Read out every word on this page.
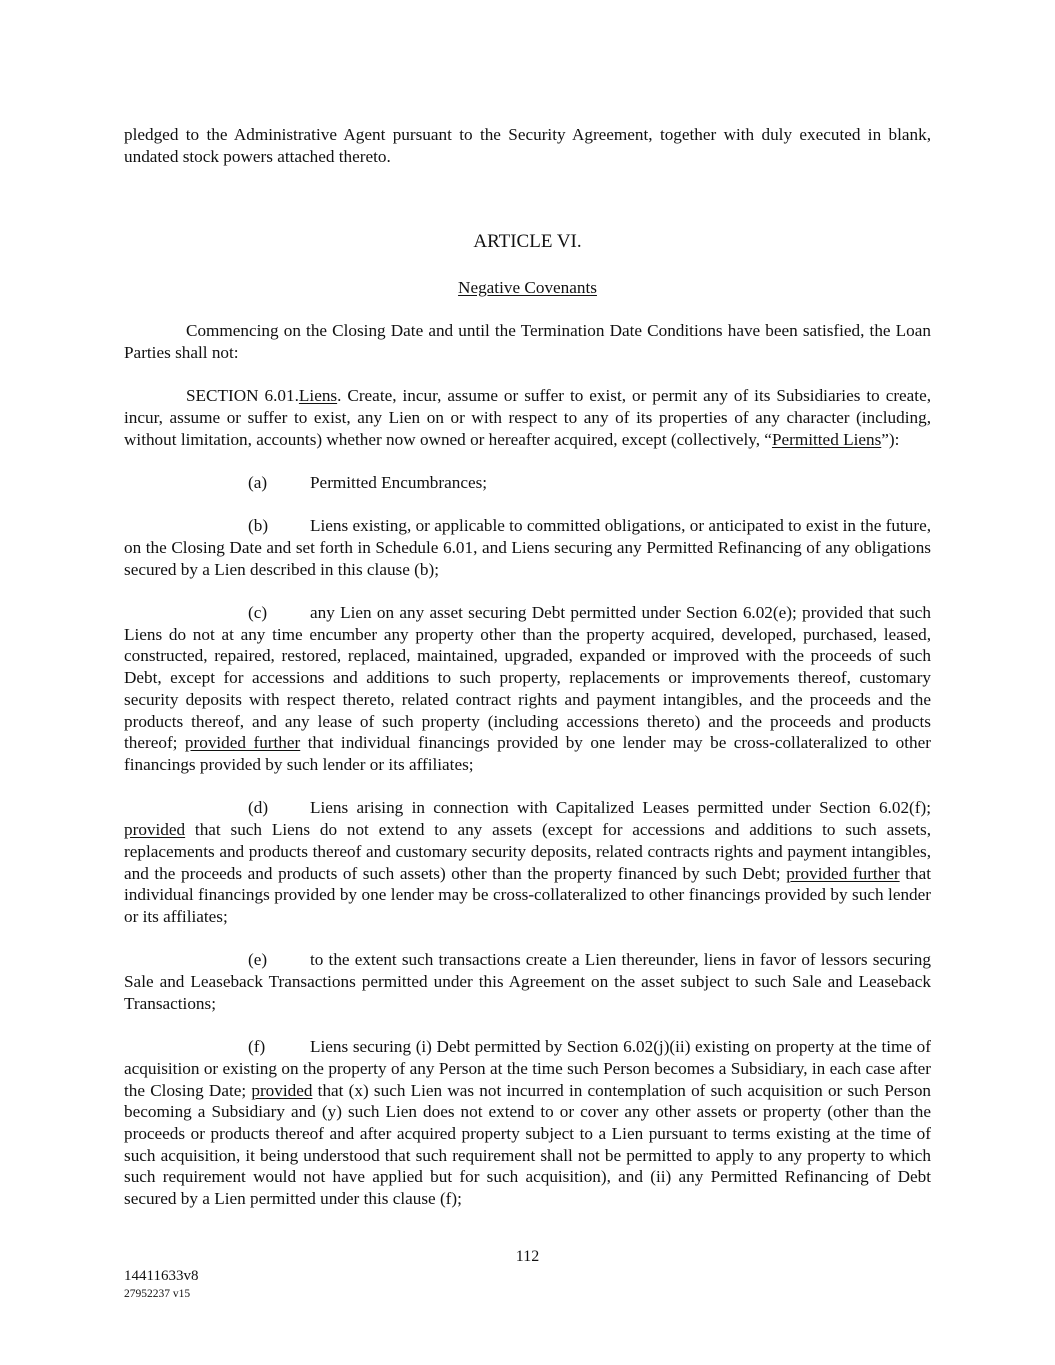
pledged to the Administrative Agent pursuant to the Security Agreement, together with duly executed in blank, undated stock powers attached thereto.

ARTICLE VI.
Negative Covenants

Commencing on the Closing Date and until the Termination Date Conditions have been satisfied, the Loan Parties shall not:

SECTION 6.01.Liens. Create, incur, assume or suffer to exist, or permit any of its Subsidiaries to create, incur, assume or suffer to exist, any Lien on or with respect to any of its properties of any character (including, without limitation, accounts) whether now owned or hereafter acquired, except (collectively, “Permitted Liens”):

(a) Permitted Encumbrances;

(b) Liens existing, or applicable to committed obligations, or anticipated to exist in the future, on the Closing Date and set forth in Schedule 6.01, and Liens securing any Permitted Refinancing of any obligations secured by a Lien described in this clause (b);

(c) any Lien on any asset securing Debt permitted under Section 6.02(e); provided that such Liens do not at any time encumber any property other than the property acquired, developed, purchased, leased, constructed, repaired, restored, replaced, maintained, upgraded, expanded or improved with the proceeds of such Debt, except for accessions and additions to such property, replacements or improvements thereof, customary security deposits with respect thereto, related contract rights and payment intangibles, and the proceeds and the products thereof, and any lease of such property (including accessions thereto) and the proceeds and products thereof; provided further that individual financings provided by one lender may be cross-collateralized to other financings provided by such lender or its affiliates;

(d) Liens arising in connection with Capitalized Leases permitted under Section 6.02(f); provided that such Liens do not extend to any assets (except for accessions and additions to such assets, replacements and products thereof and customary security deposits, related contracts rights and payment intangibles, and the proceeds and products of such assets) other than the property financed by such Debt; provided further that individual financings provided by one lender may be cross-collateralized to other financings provided by such lender or its affiliates;

(e) to the extent such transactions create a Lien thereunder, liens in favor of lessors securing Sale and Leaseback Transactions permitted under this Agreement on the asset subject to such Sale and Leaseback Transactions;

(f)	Liens securing (i) Debt permitted by Section 6.02(j)(ii) existing on property at the time of acquisition or existing on the property of any Person at the time such Person becomes a Subsidiary, in each case after the Closing Date; provided that (x) such Lien was not incurred in contemplation of such acquisition or such Person becoming a Subsidiary and (y) such Lien does not extend to or cover any other assets or property (other than the proceeds or products thereof and after acquired property subject to a Lien pursuant to terms existing at the time of such acquisition, it being understood that such requirement shall not be permitted to apply to any property to which such requirement would not have applied but for such acquisition), and (ii) any Permitted Refinancing of Debt secured by a Lien permitted under this clause (f);

112
14411633v8
27952237 v15
